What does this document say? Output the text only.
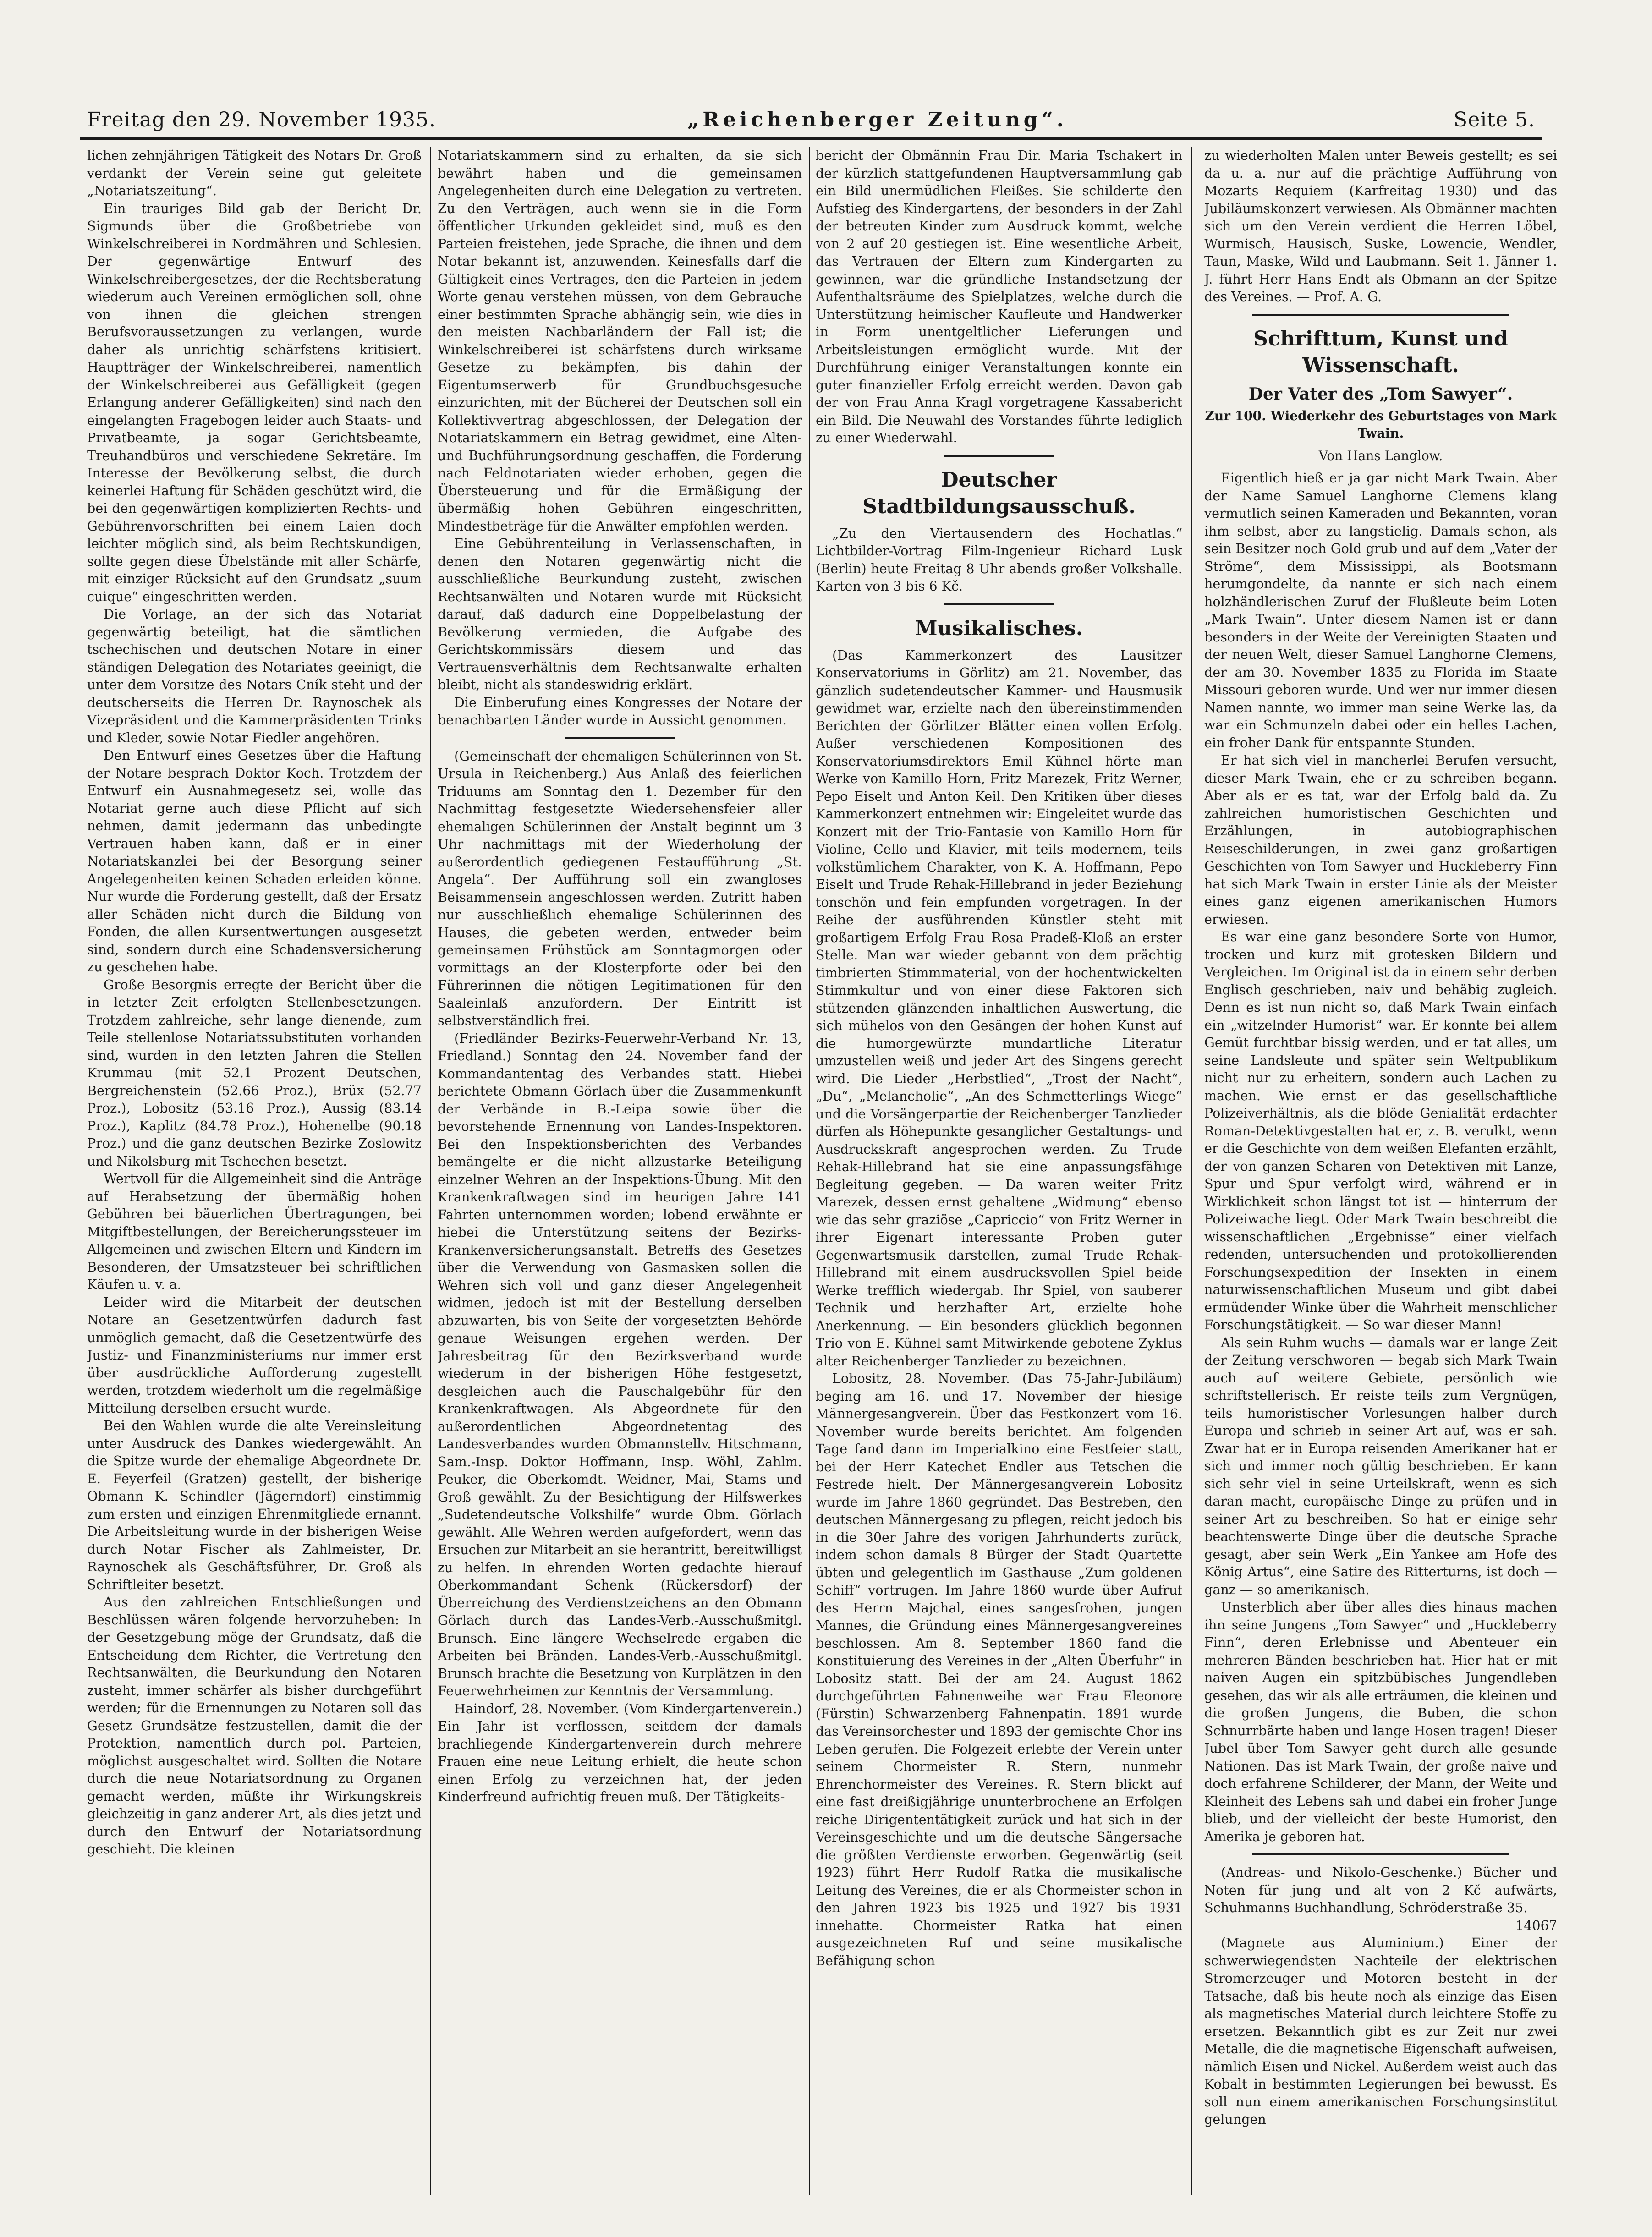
Freitag den 29. November 1935.	„Reichenberger Zeitung“.	Seite 5.

lichen zehnjährigen Tätigkeit des Notars Dr. Groß verdankt der Verein seine gut geleitete „Notariatszeitung“.

Ein trauriges Bild gab der Bericht Dr. Sigmunds über die Großbetriebe von Winkelschreiberei in Nordmähren und Schlesien. Der gegenwärtige Entwurf des Winkelschreibergesetzes, der die Rechtsberatung wiederum auch Vereinen ermöglichen soll, ohne von ihnen die gleichen strengen Berufsvoraussetzungen zu verlangen, wurde daher als unrichtig schärfstens kritisiert. Hauptträger der Winkelschreiberei, namentlich der Winkelschreiberei aus Gefälligkeit (gegen Erlangung anderer Gefälligkeiten) sind nach den eingelangten Fragebogen leider auch Staats- und Privatbeamte, ja sogar Gerichtsbeamte, Treuhandbüros und verschiedene Sekretäre. Im Interesse der Bevölkerung selbst, die durch keinerlei Haftung für Schäden geschützt wird, die bei den gegenwärtigen komplizierten Rechts- und Gebührenvorschriften bei einem Laien doch leichter möglich sind, als beim Rechtskundigen, sollte gegen diese Übelstände mit aller Schärfe, mit einziger Rücksicht auf den Grundsatz „suum cuique“ eingeschritten werden.

Die Vorlage, an der sich das Notariat gegenwärtig beteiligt, hat die sämtlichen tschechischen und deutschen Notare in einer ständigen Delegation des Notariates geeinigt, die unter dem Vorsitze des Notars Cník steht und der deutscherseits die Herren Dr. Raynoschek als Vizepräsident und die Kammerpräsidenten Trinks und Kleder, sowie Notar Fiedler angehören.

Den Entwurf eines Gesetzes über die Haftung der Notare besprach Doktor Koch. Trotzdem der Entwurf ein Ausnahmegesetz sei, wolle das Notariat gerne auch diese Pflicht auf sich nehmen, damit jedermann das unbedingte Vertrauen haben kann, daß er in einer Notariatskanzlei bei der Besorgung seiner Angelegenheiten keinen Schaden erleiden könne. Nur wurde die Forderung gestellt, daß der Ersatz aller Schäden nicht durch die Bildung von Fonden, die allen Kursentwertungen ausgesetzt sind, sondern durch eine Schadensversicherung zu geschehen habe.

Große Besorgnis erregte der Bericht über die in letzter Zeit erfolgten Stellenbesetzungen. Trotzdem zahlreiche, sehr lange dienende, zum Teile stellenlose Notariatssubstituten vorhanden sind, wurden in den letzten Jahren die Stellen Krummau (mit 52.1 Prozent Deutschen, Bergreichenstein (52.66 Proz.), Brüx (52.77 Proz.), Lobositz (53.16 Proz.), Aussig (83.14 Proz.), Kaplitz (84.78 Proz.), Hohenelbe (90.18 Proz.) und die ganz deutschen Bezirke Zoslowitz und Nikolsburg mit Tschechen besetzt.

Wertvoll für die Allgemeinheit sind die Anträge auf Herabsetzung der übermäßig hohen Gebühren bei bäuerlichen Übertragungen, bei Mitgiftbestellungen, der Bereicherungssteuer im Allgemeinen und zwischen Eltern und Kindern im Besonderen, der Umsatzsteuer bei schriftlichen Käufen u. v. a.

Leider wird die Mitarbeit der deutschen Notare an Gesetzentwürfen dadurch fast unmöglich gemacht, daß die Gesetzentwürfe des Justiz- und Finanzministeriums nur immer erst über ausdrückliche Aufforderung zugestellt werden, trotzdem wiederholt um die regelmäßige Mitteilung derselben ersucht wurde.

Bei den Wahlen wurde die alte Vereinsleitung unter Ausdruck des Dankes wiedergewählt. An die Spitze wurde der ehemalige Abgeordnete Dr. E. Feyerfeil (Gratzen) gestellt, der bisherige Obmann K. Schindler (Jägerndorf) einstimmig zum ersten und einzigen Ehrenmitgliede ernannt. Die Arbeitsleitung wurde in der bisherigen Weise durch Notar Fischer als Zahlmeister, Dr. Raynoschek als Geschäftsführer, Dr. Groß als Schriftleiter besetzt.

Aus den zahlreichen Entschließungen und Beschlüssen wären folgende hervorzuheben: In der Gesetzgebung möge der Grundsatz, daß die Entscheidung dem Richter, die Vertretung den Rechtsanwälten, die Beurkundung den Notaren zusteht, immer schärfer als bisher durchgeführt werden; für die Ernennungen zu Notaren soll das Gesetz Grundsätze festzustellen, damit die der Protektion, namentlich durch pol. Parteien, möglichst ausgeschaltet wird. Sollten die Notare durch die neue Notariatsordnung zu Organen gemacht werden, müßte ihr Wirkungskreis gleichzeitig in ganz anderer Art, als dies jetzt und durch den Entwurf der Notariatsordnung geschieht. Die kleinen

Notariatskammern sind zu erhalten, da sie sich bewährt haben und die gemeinsamen Angelegenheiten durch eine Delegation zu vertreten. Zu den Verträgen, auch wenn sie in die Form öffentlicher Urkunden gekleidet sind, muß es den Parteien freistehen, jede Sprache, die ihnen und dem Notar bekannt ist, anzuwenden. Keinesfalls darf die Gültigkeit eines Vertrages, den die Parteien in jedem Worte genau verstehen müssen, von dem Gebrauche einer bestimmten Sprache abhängig sein, wie dies in den meisten Nachbarländern der Fall ist; die Winkelschreiberei ist schärfstens durch wirksame Gesetze zu bekämpfen, bis dahin der Eigentumserwerb für Grundbuchsgesuche einzurichten, mit der Bücherei der Deutschen soll ein Kollektivvertrag abgeschlossen, der Delegation der Notariatskammern ein Betrag gewidmet, eine Alten- und Buchführungsordnung geschaffen, die Forderung nach Feldnotariaten wieder erhoben, gegen die Übersteuerung und für die Ermäßigung der übermäßig hohen Gebühren eingeschritten, Mindestbeträge für die Anwälter empfohlen werden.

Eine Gebührenteilung in Verlassenschaften, in denen den Notaren gegenwärtig nicht die ausschließliche Beurkundung zusteht, zwischen Rechtsanwälten und Notaren wurde mit Rücksicht darauf, daß dadurch eine Doppelbelastung der Bevölkerung vermieden, die Aufgabe des Gerichtskommissärs diesem und das Vertrauensverhältnis dem Rechtsanwalte erhalten bleibt, nicht als standeswidrig erklärt.

Die Einberufung eines Kongresses der Notare der benachbarten Länder wurde in Aussicht genommen.

(Gemeinschaft der ehemaligen Schülerinnen von St. Ursula in Reichenberg.) Aus Anlaß des feierlichen Triduums am Sonntag den 1. Dezember für den Nachmittag festgesetzte Wiedersehensfeier aller ehemaligen Schülerinnen der Anstalt beginnt um 3 Uhr nachmittags mit der Wiederholung der außerordentlich gediegenen Festaufführung „St. Angela“. Der Aufführung soll ein zwangloses Beisammensein angeschlossen werden. Zutritt haben nur ausschließlich ehemalige Schülerinnen des Hauses, die gebeten werden, entweder beim gemeinsamen Frühstück am Sonntagmorgen oder vormittags an der Klosterpforte oder bei den Führerinnen die nötigen Legitimationen für den Saaleinlaß anzufordern. Der Eintritt ist selbstverständlich frei.

(Friedländer Bezirks-Feuerwehr-Verband Nr. 13, Friedland.) Sonntag den 24. November fand der Kommandantentag des Verbandes statt. Hiebei berichtete Obmann Görlach über die Zusammenkunft der Verbände in B.-Leipa sowie über die bevorstehende Ernennung von Landes-Inspektoren. Bei den Inspektionsberichten des Verbandes bemängelte er die nicht allzustarke Beteiligung einzelner Wehren an der Inspektions-Übung. Mit den Krankenkraftwagen sind im heurigen Jahre 141 Fahrten unternommen worden; lobend erwähnte er hiebei die Unterstützung seitens der Bezirks-Krankenversicherungsanstalt. Betreffs des Gesetzes über die Verwendung von Gasmasken sollen die Wehren sich voll und ganz dieser Angelegenheit widmen, jedoch ist mit der Bestellung derselben abzuwarten, bis von Seite der vorgesetzten Behörde genaue Weisungen ergehen werden. Der Jahresbeitrag für den Bezirksverband wurde wiederum in der bisherigen Höhe festgesetzt, desgleichen auch die Pauschalgebühr für den Krankenkraftwagen. Als Abgeordnete für den außerordentlichen Abgeordnetentag des Landesverbandes wurden Obmannstellv. Hitschmann, Sam.-Insp. Doktor Hoffmann, Insp. Wöhl, Zahlm. Peuker, die Oberkomdt. Weidner, Mai, Stams und Groß gewählt. Zu der Besichtigung der Hilfswerkes „Sudetendeutsche Volkshilfe“ wurde Obm. Görlach gewählt. Alle Wehren werden aufgefordert, wenn das Ersuchen zur Mitarbeit an sie herantritt, bereitwilligst zu helfen. In ehrenden Worten gedachte hierauf Oberkommandant Schenk (Rückersdorf) der Überreichung des Verdienstzeichens an den Obmann Görlach durch das Landes-Verb.-Ausschußmitgl. Brunsch. Eine längere Wechselrede ergaben die Arbeiten bei Bränden. Landes-Verb.-Ausschußmitgl. Brunsch brachte die Besetzung von Kurplätzen in den Feuerwehrheimen zur Kenntnis der Versammlung.

Haindorf, 28. November. (Vom Kindergartenverein.) Ein Jahr ist verflossen, seitdem der damals brachliegende Kindergartenverein durch mehrere Frauen eine neue Leitung erhielt, die heute schon einen Erfolg zu verzeichnen hat, der jeden Kinderfreund aufrichtig freuen muß. Der Tätigkeits-

bericht der Obmännin Frau Dir. Maria Tschakert in der kürzlich stattgefundenen Hauptversammlung gab ein Bild unermüdlichen Fleißes. Sie schilderte den Aufstieg des Kindergartens, der besonders in der Zahl der betreuten Kinder zum Ausdruck kommt, welche von 2 auf 20 gestiegen ist. Eine wesentliche Arbeit, das Vertrauen der Eltern zum Kindergarten zu gewinnen, war die gründliche Instandsetzung der Aufenthaltsräume des Spielplatzes, welche durch die Unterstützung heimischer Kaufleute und Handwerker in Form unentgeltlicher Lieferungen und Arbeitsleistungen ermöglicht wurde. Mit der Durchführung einiger Veranstaltungen konnte ein guter finanzieller Erfolg erreicht werden. Davon gab der von Frau Anna Kragl vorgetragene Kassabericht ein Bild. Die Neuwahl des Vorstandes führte lediglich zu einer Wiederwahl.

Deutscher Stadtbildungsausschuß.

„Zu den Viertausendern des Hochatlas.“ Lichtbilder-Vortrag Film-Ingenieur Richard Lusk (Berlin) heute Freitag 8 Uhr abends großer Volkshalle. Karten von 3 bis 6 Kč.

Musikalisches.

(Das Kammerkonzert des Lausitzer Konservatoriums in Görlitz) am 21. November, das gänzlich sudetendeutscher Kammer- und Hausmusik gewidmet war, erzielte nach den übereinstimmenden Berichten der Görlitzer Blätter einen vollen Erfolg. Außer verschiedenen Kompositionen des Konservatoriumsdirektors Emil Kühnel hörte man Werke von Kamillo Horn, Fritz Marezek, Fritz Werner, Pepo Eiselt und Anton Keil. Den Kritiken über dieses Kammerkonzert entnehmen wir: Eingeleitet wurde das Konzert mit der Trio-Fantasie von Kamillo Horn für Violine, Cello und Klavier, mit teils modernem, teils volkstümlichem Charakter, von K. A. Hoffmann, Pepo Eiselt und Trude Rehak-Hillebrand in jeder Beziehung tonschön und fein empfunden vorgetragen. In der Reihe der ausführenden Künstler steht mit großartigem Erfolg Frau Rosa Pradeß-Kloß an erster Stelle. Man war wieder gebannt von dem prächtig timbrierten Stimmmaterial, von der hochentwickelten Stimmkultur und von einer diese Faktoren sich stützenden glänzenden inhaltlichen Auswertung, die sich mühelos von den Gesängen der hohen Kunst auf die humorgewürzte mundartliche Literatur umzustellen weiß und jeder Art des Singens gerecht wird. Die Lieder „Herbstlied“, „Trost der Nacht“, „Du“, „Melancholie“, „An des Schmetterlings Wiege“ und die Vorsängerpartie der Reichenberger Tanzlieder dürfen als Höhepunkte gesanglicher Gestaltungs- und Ausdruckskraft angesprochen werden. Zu Trude Rehak-Hillebrand hat sie eine anpassungsfähige Begleitung gegeben. — Da waren weiter Fritz Marezek, dessen ernst gehaltene „Widmung“ ebenso wie das sehr graziöse „Capriccio“ von Fritz Werner in ihrer Eigenart interessante Proben guter Gegenwartsmusik darstellen, zumal Trude Rehak-Hillebrand mit einem ausdrucksvollen Spiel beide Werke trefflich wiedergab. Ihr Spiel, von sauberer Technik und herzhafter Art, erzielte hohe Anerkennung. — Ein besonders glücklich begonnen Trio von E. Kühnel samt Mitwirkende gebotene Zyklus alter Reichenberger Tanzlieder zu bezeichnen.

Lobositz, 28. November. (Das 75-Jahr-Jubiläum) beging am 16. und 17. November der hiesige Männergesangverein. Über das Festkonzert vom 16. November wurde bereits berichtet. Am folgenden Tage fand dann im Imperialkino eine Festfeier statt, bei der Herr Katechet Endler aus Tetschen die Festrede hielt. Der Männergesangverein Lobositz wurde im Jahre 1860 gegründet. Das Bestreben, den deutschen Männergesang zu pflegen, reicht jedoch bis in die 30er Jahre des vorigen Jahrhunderts zurück, indem schon damals 8 Bürger der Stadt Quartette übten und gelegentlich im Gasthause „Zum goldenen Schiff“ vortrugen. Im Jahre 1860 wurde über Aufruf des Herrn Majchal, eines sangesfrohen, jungen Mannes, die Gründung eines Männergesangvereines beschlossen. Am 8. September 1860 fand die Konstituierung des Vereines in der „Alten Überfuhr“ in Lobositz statt. Bei der am 24. August 1862 durchgeführten Fahnenweihe war Frau Eleonore (Fürstin) Schwarzenberg Fahnenpatin. 1891 wurde das Vereinsorchester und 1893 der gemischte Chor ins Leben gerufen. Die Folgezeit erlebte der Verein unter seinem Chormeister R. Stern, nunmehr Ehrenchormeister des Vereines. R. Stern blickt auf eine fast dreißigjährige ununterbrochene an Erfolgen reiche Dirigententätigkeit zurück und hat sich in der Vereinsgeschichte und um die deutsche Sängersache die größten Verdienste erworben. Gegenwärtig (seit 1923) führt Herr Rudolf Ratka die musikalische Leitung des Vereines, die er als Chormeister schon in den Jahren 1923 bis 1925 und 1927 bis 1931 innehatte. Chormeister Ratka hat einen ausgezeichneten Ruf und seine musikalische Befähigung schon

zu wiederholten Malen unter Beweis gestellt; es sei da u. a. nur auf die prächtige Aufführung von Mozarts Requiem (Karfreitag 1930) und das Jubiläumskonzert verwiesen. Als Obmänner machten sich um den Verein verdient die Herren Löbel, Wurmisch, Hausisch, Suske, Lowencie, Wendler, Taun, Maske, Wild und Laubmann. Seit 1. Jänner 1. J. führt Herr Hans Endt als Obmann an der Spitze des Vereines. — Prof. A. G.

Schrifttum, Kunst und Wissenschaft.
Der Vater des „Tom Sawyer“.
Zur 100. Wiederkehr des Geburtstages von Mark Twain.
Von Hans Langlow.

Eigentlich hieß er ja gar nicht Mark Twain. Aber der Name Samuel Langhorne Clemens klang vermutlich seinen Kameraden und Bekannten, voran ihm selbst, aber zu langstielig. Damals schon, als sein Besitzer noch Gold grub und auf dem „Vater der Ströme“, dem Mississippi, als Bootsmann herumgondelte, da nannte er sich nach einem holzhändlerischen Zuruf der Flußleute beim Loten „Mark Twain“. Unter diesem Namen ist er dann besonders in der Weite der Vereinigten Staaten und der neuen Welt, dieser Samuel Langhorne Clemens, der am 30. November 1835 zu Florida im Staate Missouri geboren wurde. Und wer nur immer diesen Namen nannte, wo immer man seine Werke las, da war ein Schmunzeln dabei oder ein helles Lachen, ein froher Dank für entspannte Stunden.

Er hat sich viel in mancherlei Berufen versucht, dieser Mark Twain, ehe er zu schreiben begann. Aber als er es tat, war der Erfolg bald da. Zu zahlreichen humoristischen Geschichten und Erzählungen, in autobiographischen Reiseschilderungen, in zwei ganz großartigen Geschichten von Tom Sawyer und Huckleberry Finn hat sich Mark Twain in erster Linie als der Meister eines ganz eigenen amerikanischen Humors erwiesen.

Es war eine ganz besondere Sorte von Humor, trocken und kurz mit grotesken Bildern und Vergleichen. Im Original ist da in einem sehr derben Englisch geschrieben, naiv und behäbig zugleich. Denn es ist nun nicht so, daß Mark Twain einfach ein „witzelnder Humorist“ war. Er konnte bei allem Gemüt furchtbar bissig werden, und er tat alles, um seine Landsleute und später sein Weltpublikum nicht nur zu erheitern, sondern auch Lachen zu machen. Wie ernst er das gesellschaftliche Polizeiverhältnis, als die blöde Genialität erdachter Roman-Detektivgestalten hat er, z. B. verulkt, wenn er die Geschichte von dem weißen Elefanten erzählt, der von ganzen Scharen von Detektiven mit Lanze, Spur und Spur verfolgt wird, während er in Wirklichkeit schon längst tot ist — hinterrum der Polizeiwache liegt. Oder Mark Twain beschreibt die wissenschaftlichen „Ergebnisse“ einer vielfach redenden, untersuchenden und protokollierenden Forschungsexpedition der Insekten in einem naturwissenschaftlichen Museum und gibt dabei ermüdender Winke über die Wahrheit menschlicher Forschungstätigkeit. — So war dieser Mann!

Als sein Ruhm wuchs — damals war er lange Zeit der Zeitung verschworen — begab sich Mark Twain auch auf weitere Gebiete, persönlich wie schriftstellerisch. Er reiste teils zum Vergnügen, teils humoristischer Vorlesungen halber durch Europa und schrieb in seiner Art auf, was er sah. Zwar hat er in Europa reisenden Amerikaner hat er sich und immer noch gültig beschrieben. Er kann sich sehr viel in seine Urteilskraft, wenn es sich daran macht, europäische Dinge zu prüfen und in seiner Art zu beschreiben. So hat er einige sehr beachtenswerte Dinge über die deutsche Sprache gesagt, aber sein Werk „Ein Yankee am Hofe des König Artus“, eine Satire des Ritterturns, ist doch — ganz — so amerikanisch.

Unsterblich aber über alles dies hinaus machen ihn seine Jungens „Tom Sawyer“ und „Huckleberry Finn“, deren Erlebnisse und Abenteuer ein mehreren Bänden beschrieben hat. Hier hat er mit naiven Augen ein spitzbübisches Jungendleben gesehen, das wir als alle erträumen, die kleinen und die großen Jungens, die Buben, die schon Schnurrbärte haben und lange Hosen tragen! Dieser Jubel über Tom Sawyer geht durch alle gesunde Nationen. Das ist Mark Twain, der große naive und doch erfahrene Schilderer, der Mann, der Weite und Kleinheit des Lebens sah und dabei ein froher Junge blieb, und der vielleicht der beste Humorist, den Amerika je geboren hat.

(Andreas- und Nikolo-Geschenke.) Bücher und Noten für jung und alt von 2 Kč aufwärts, Schuhmanns Buchhandlung, Schröderstraße 35.

14067

(Magnete aus Aluminium.) Einer der schwerwiegendsten Nachteile der elektrischen Stromerzeuger und Motoren besteht in der Tatsache, daß bis heute noch als einzige das Eisen als magnetisches Material durch leichtere Stoffe zu ersetzen. Bekanntlich gibt es zur Zeit nur zwei Metalle, die die magnetische Eigenschaft aufweisen, nämlich Eisen und Nickel. Außerdem weist auch das Kobalt in bestimmten Legierungen bei bewusst. Es soll nun einem amerikanischen Forschungsinstitut gelungen
